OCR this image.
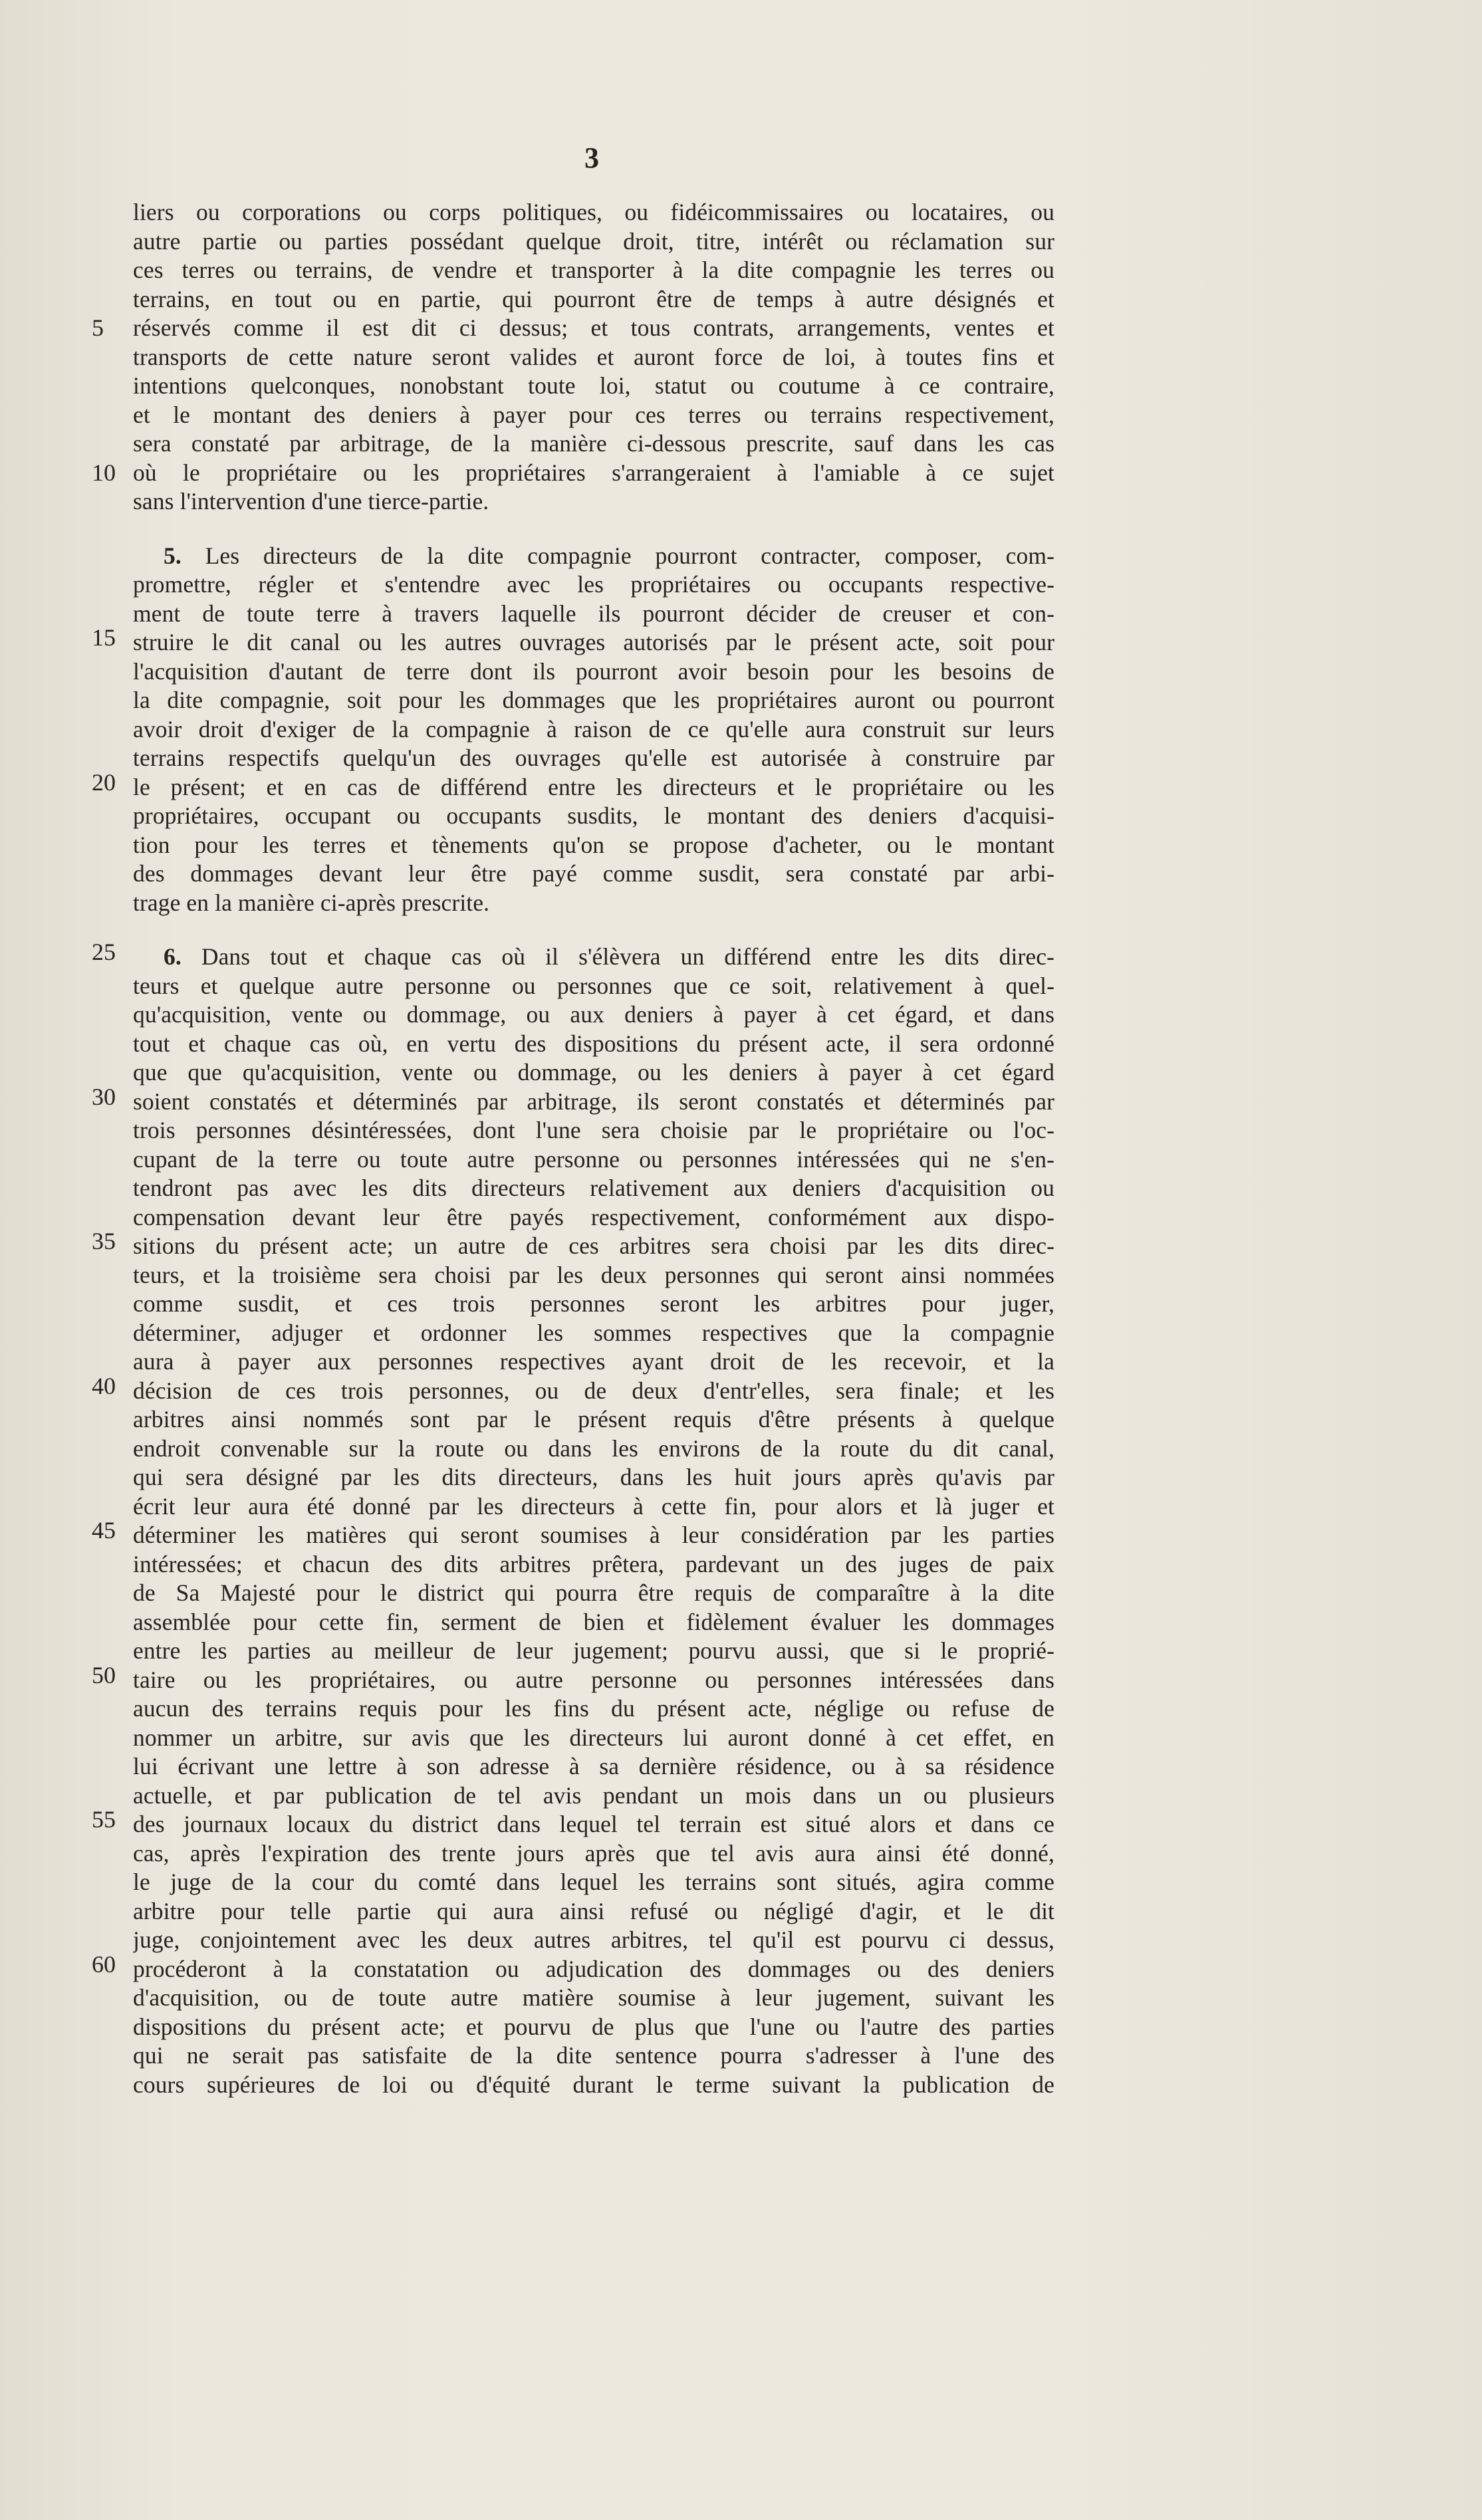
3
5
10
15
20
25
30
35
40
45
50
55
60
liers ou corporations ou corps politiques, ou fidéicommissaires ou locataires, ou
autre partie ou parties possédant quelque droit, titre, intérêt ou réclamation sur
ces terres ou terrains, de vendre et transporter à la dite compagnie les terres ou
terrains, en tout ou en partie, qui pourront être de temps à autre désignés et
réservés comme il est dit ci dessus; et tous contrats, arrangements, ventes et
transports de cette nature seront valides et auront force de loi, à toutes fins et
intentions quelconques, nonobstant toute loi, statut ou coutume à ce contraire,
et le montant des deniers à payer pour ces terres ou terrains respectivement,
sera constaté par arbitrage, de la manière ci-dessous prescrite, sauf dans les cas
où le propriétaire ou les propriétaires s'arrangeraient à l'amiable à ce sujet
sans l'intervention d'une tierce-partie.
5. Les directeurs de la dite compagnie pourront contracter, composer, com-
promettre, régler et s'entendre avec les propriétaires ou occupants respective-
ment de toute terre à travers laquelle ils pourront décider de creuser et con-
struire le dit canal ou les autres ouvrages autorisés par le présent acte, soit pour
l'acquisition d'autant de terre dont ils pourront avoir besoin pour les besoins de
la dite compagnie, soit pour les dommages que les propriétaires auront ou pourront
avoir droit d'exiger de la compagnie à raison de ce qu'elle aura construit sur leurs
terrains respectifs quelqu'un des ouvrages qu'elle est autorisée à construire par
le présent; et en cas de différend entre les directeurs et le propriétaire ou les
propriétaires, occupant ou occupants susdits, le montant des deniers d'acquisi-
tion pour les terres et tènements qu'on se propose d'acheter, ou le montant
des dommages devant leur être payé comme susdit, sera constaté par arbi-
trage en la manière ci-après prescrite.
6. Dans tout et chaque cas où il s'élèvera un différend entre les dits direc-
teurs et quelque autre personne ou personnes que ce soit, relativement à quel-
qu'acquisition, vente ou dommage, ou aux deniers à payer à cet égard, et dans
tout et chaque cas où, en vertu des dispositions du présent acte, il sera ordonné
que que qu'acquisition, vente ou dommage, ou les deniers à payer à cet égard
soient constatés et déterminés par arbitrage, ils seront constatés et déterminés par
trois personnes désintéressées, dont l'une sera choisie par le propriétaire ou l'oc-
cupant de la terre ou toute autre personne ou personnes intéressées qui ne s'en-
tendront pas avec les dits directeurs relativement aux deniers d'acquisition ou
compensation devant leur être payés respectivement, conformément aux dispo-
sitions du présent acte; un autre de ces arbitres sera choisi par les dits direc-
teurs, et la troisième sera choisi par les deux personnes qui seront ainsi nommées
comme susdit, et ces trois personnes seront les arbitres pour juger,
déterminer, adjuger et ordonner les sommes respectives que la compagnie
aura à payer aux personnes respectives ayant droit de les recevoir, et la
décision de ces trois personnes, ou de deux d'entr'elles, sera finale; et les
arbitres ainsi nommés sont par le présent requis d'être présents à quelque
endroit convenable sur la route ou dans les environs de la route du dit canal,
qui sera désigné par les dits directeurs, dans les huit jours après qu'avis par
écrit leur aura été donné par les directeurs à cette fin, pour alors et là juger et
déterminer les matières qui seront soumises à leur considération par les parties
intéressées; et chacun des dits arbitres prêtera, pardevant un des juges de paix
de Sa Majesté pour le district qui pourra être requis de comparaître à la dite
assemblée pour cette fin, serment de bien et fidèlement évaluer les dommages
entre les parties au meilleur de leur jugement; pourvu aussi, que si le proprié-
taire ou les propriétaires, ou autre personne ou personnes intéressées dans
aucun des terrains requis pour les fins du présent acte, néglige ou refuse de
nommer un arbitre, sur avis que les directeurs lui auront donné à cet effet, en
lui écrivant une lettre à son adresse à sa dernière résidence, ou à sa résidence
actuelle, et par publication de tel avis pendant un mois dans un ou plusieurs
des journaux locaux du district dans lequel tel terrain est situé alors et dans ce
cas, après l'expiration des trente jours après que tel avis aura ainsi été donné,
le juge de la cour du comté dans lequel les terrains sont situés, agira comme
arbitre pour telle partie qui aura ainsi refusé ou négligé d'agir, et le dit
juge, conjointement avec les deux autres arbitres, tel qu'il est pourvu ci dessus,
procéderont à la constatation ou adjudication des dommages ou des deniers
d'acquisition, ou de toute autre matière soumise à leur jugement, suivant les
dispositions du présent acte; et pourvu de plus que l'une ou l'autre des parties
qui ne serait pas satisfaite de la dite sentence pourra s'adresser à l'une des
cours supérieures de loi ou d'équité durant le terme suivant la publication de
